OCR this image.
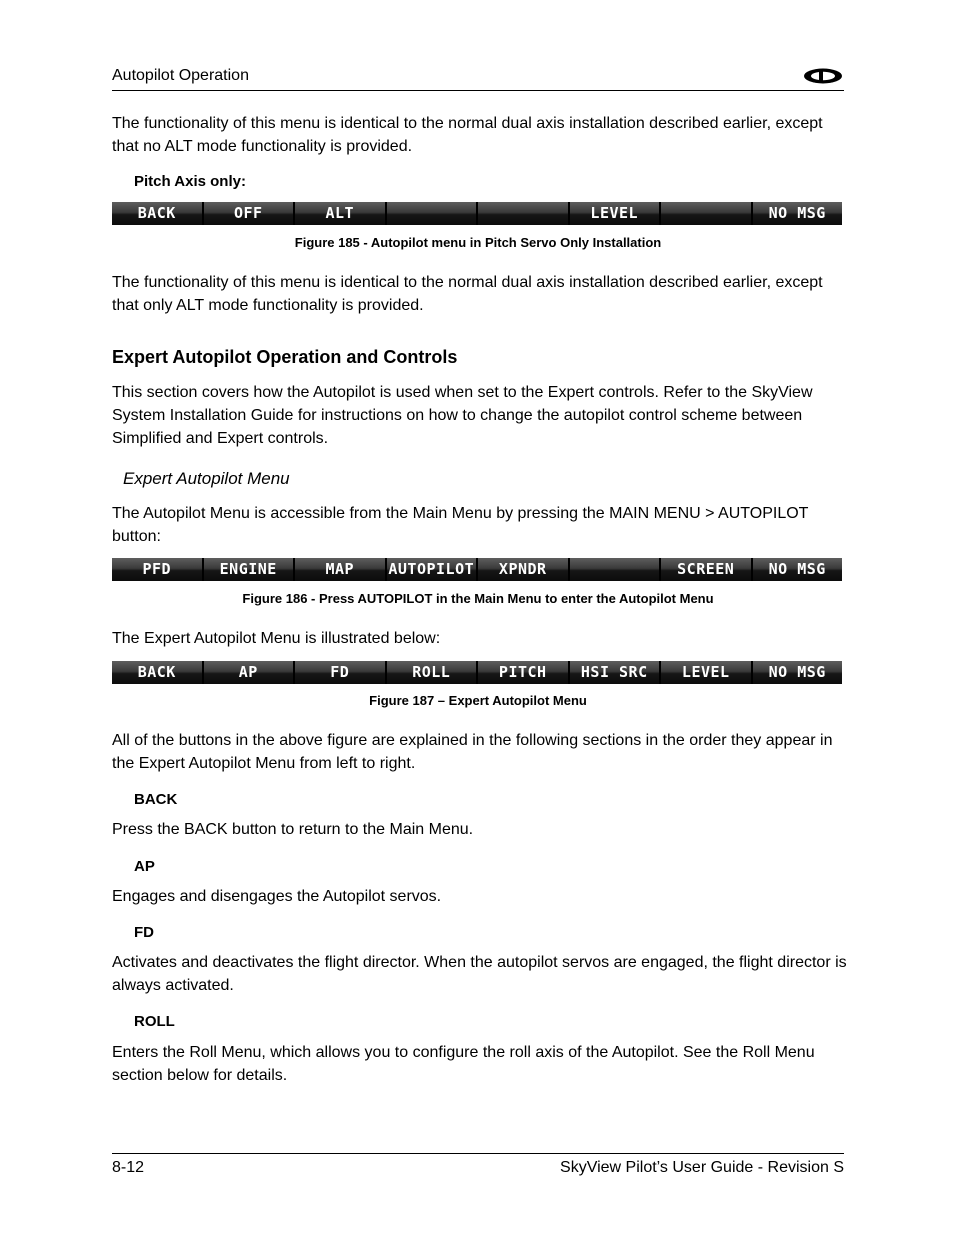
Autopilot Operation

The functionality of this menu is identical to the normal dual axis installation described earlier, except that no ALT mode functionality is provided.

Pitch Axis only:

BACK	OFF	ALT	LEVEL	NO MSG

Figure 185 - Autopilot menu in Pitch Servo Only Installation

The functionality of this menu is identical to the normal dual axis installation described earlier, except that only ALT mode functionality is provided.

Expert Autopilot Operation and Controls

This section covers how the Autopilot is used when set to the Expert controls. Refer to the SkyView System Installation Guide for instructions on how to change the autopilot control scheme between Simplified and Expert controls.

Expert Autopilot Menu

The Autopilot Menu is accessible from the Main Menu by pressing the MAIN MENU > AUTOPILOT button:

PFD	ENGINE	MAP	AUTOPILOT	XPNDR	SCREEN	NO MSG

Figure 186 - Press AUTOPILOT in the Main Menu to enter the Autopilot Menu

The Expert Autopilot Menu is illustrated below:

BACK	AP	FD	ROLL	PITCH	HSI SRC	LEVEL	NO MSG

Figure 187 – Expert Autopilot Menu

All of the buttons in the above figure are explained in the following sections in the order they appear in the Expert Autopilot Menu from left to right.

BACK

Press the BACK button to return to the Main Menu.

AP

Engages and disengages the Autopilot servos.

FD

Activates and deactivates the flight director. When the autopilot servos are engaged, the flight director is always activated.

ROLL

Enters the Roll Menu, which allows you to configure the roll axis of the Autopilot. See the Roll Menu section below for details.

8-12	SkyView Pilot’s User Guide - Revision S
